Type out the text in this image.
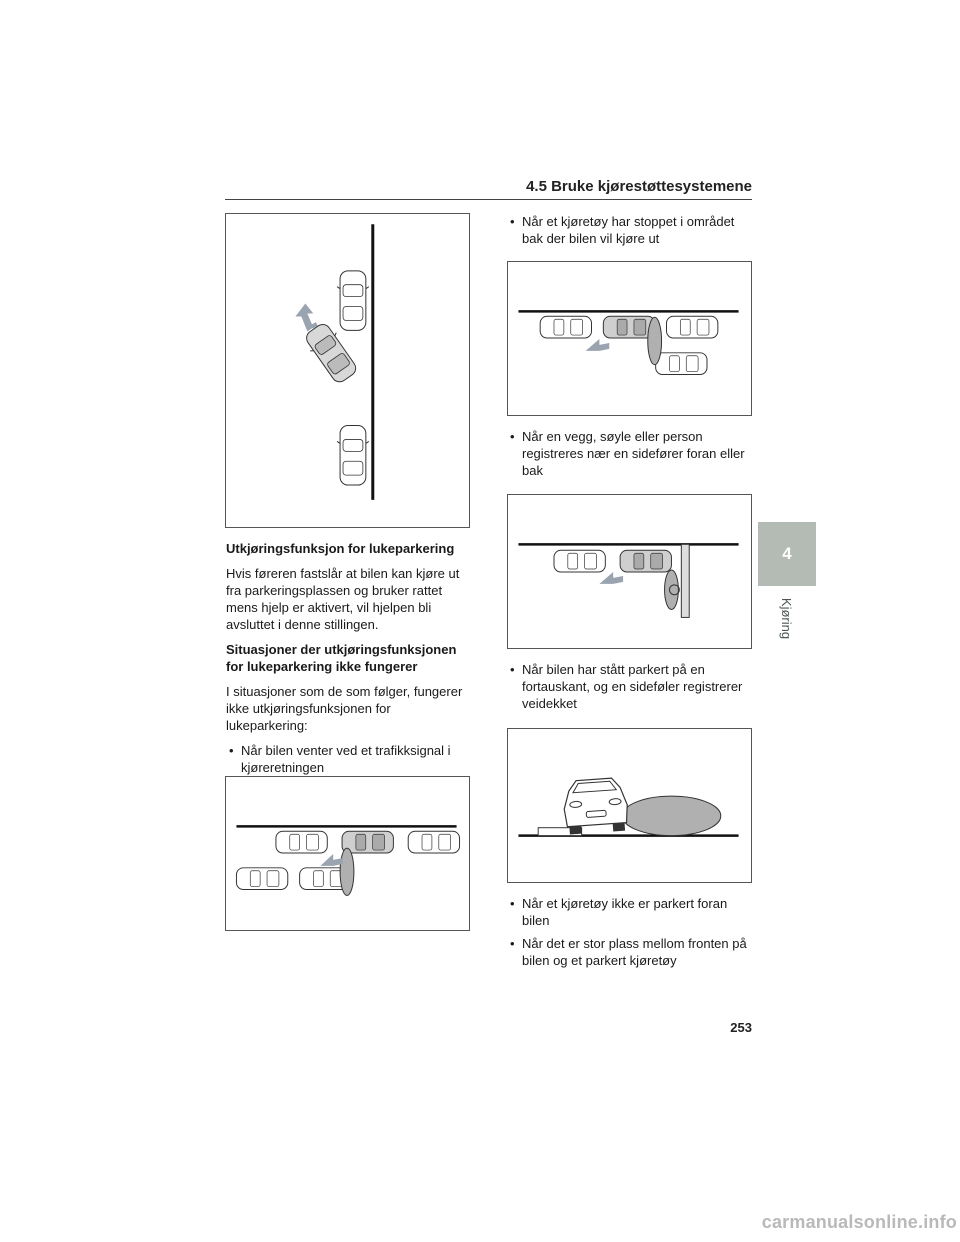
4.5 Bruke kjørestøttesystemene
4
Kjøring

Utkjøringsfunksjon for lukeparkering

Hvis føreren fastslår at bilen kan kjøre ut fra parkeringsplassen og bruker rattet mens hjelp er aktivert, vil hjelpen bli avsluttet i denne stillingen.

Situasjoner der utkjøringsfunksjonen for lukeparkering ikke fungerer

I situasjoner som de som følger, fungerer ikke utkjøringsfunksjonen for lukeparkering:

• Når bilen venter ved et trafikksignal i kjøreretningen
• Når et kjøretøy har stoppet i området bak der bilen vil kjøre ut
• Når en vegg, søyle eller person registreres nær en sidefører foran eller bak
• Når bilen har stått parkert på en fortauskant, og en sideføler registrerer veidekket
• Når et kjøretøy ikke er parkert foran bilen
• Når det er stor plass mellom fronten på bilen og et parkert kjøretøy
253
carmanualsonline.info
